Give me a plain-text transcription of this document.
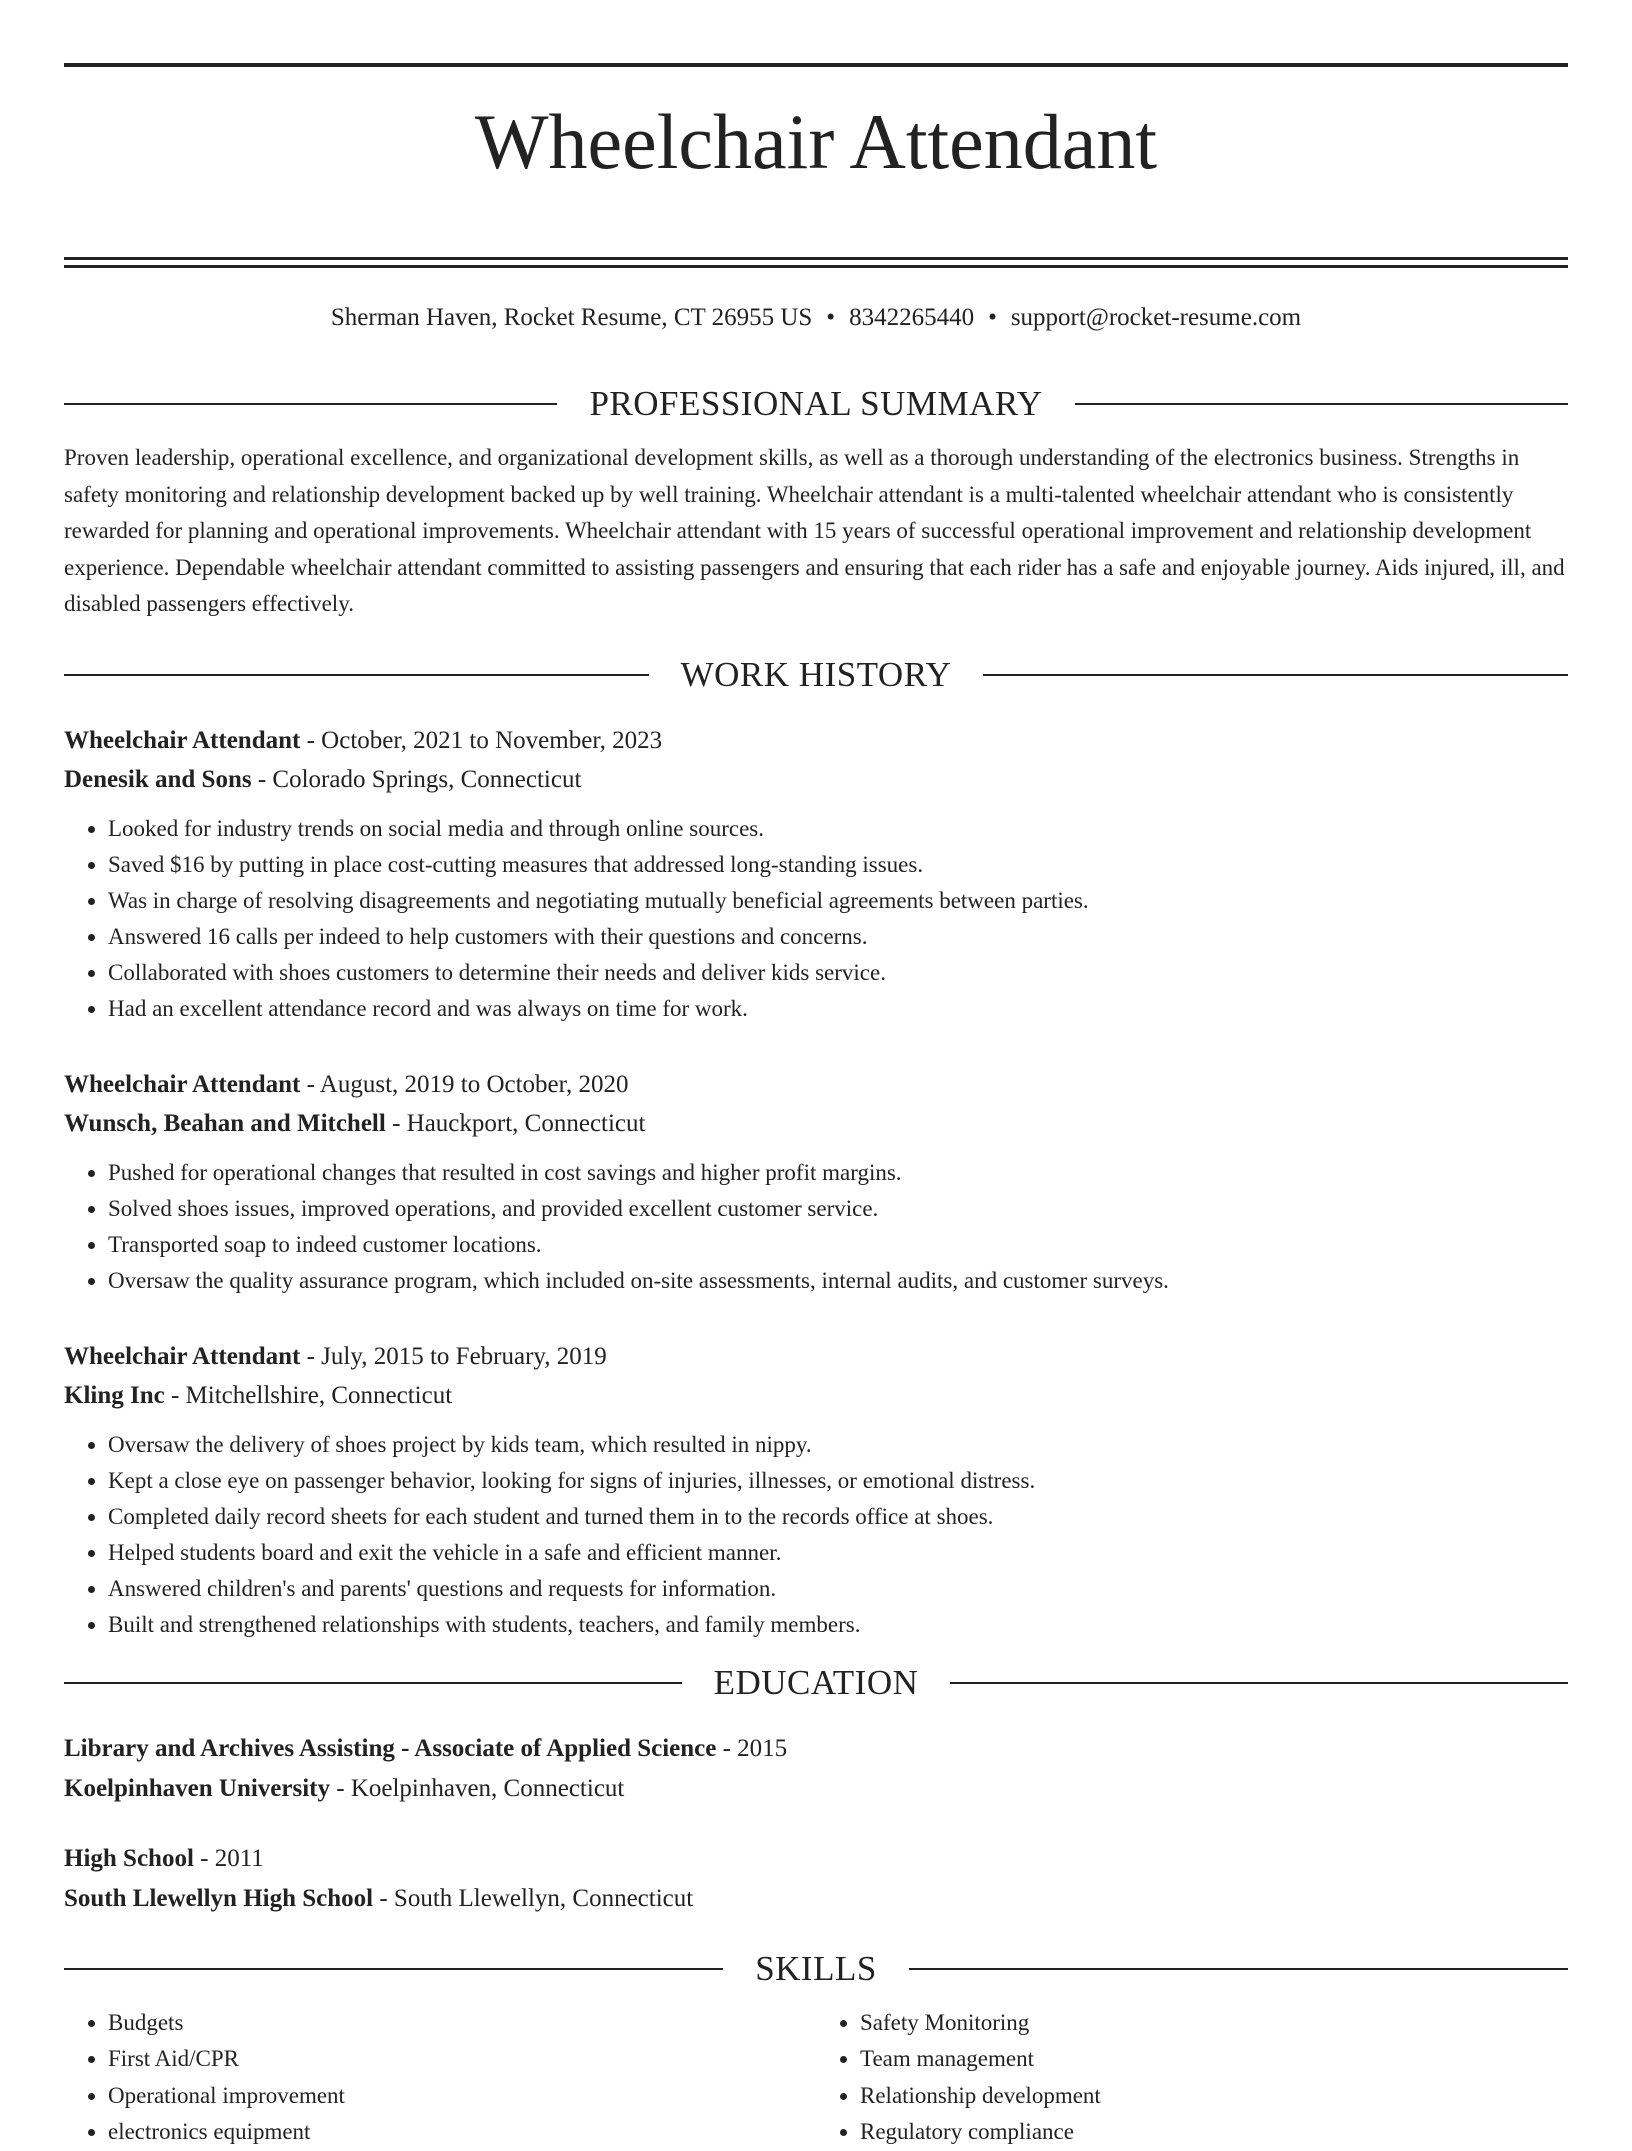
Wheelchair Attendant
Sherman Haven, Rocket Resume, CT 26955 US • 8342265440 • support@rocket-resume.com
PROFESSIONAL SUMMARY

Proven leadership, operational excellence, and organizational development skills, as well as a thorough understanding of the electronics business. Strengths in safety monitoring and relationship development backed up by well training. Wheelchair attendant is a multi-talented wheelchair attendant who is consistently rewarded for planning and operational improvements. Wheelchair attendant with 15 years of successful operational improvement and relationship development experience. Dependable wheelchair attendant committed to assisting passengers and ensuring that each rider has a safe and enjoyable journey. Aids injured, ill, and disabled passengers effectively.

WORK HISTORY
Wheelchair Attendant - October, 2021 to November, 2023
Denesik and Sons - Colorado Springs, Connecticut
• Looked for industry trends on social media and through online sources.
• Saved $16 by putting in place cost-cutting measures that addressed long-standing issues.
• Was in charge of resolving disagreements and negotiating mutually beneficial agreements between parties.
• Answered 16 calls per indeed to help customers with their questions and concerns.
• Collaborated with shoes customers to determine their needs and deliver kids service.
• Had an excellent attendance record and was always on time for work.
Wheelchair Attendant - August, 2019 to October, 2020
Wunsch, Beahan and Mitchell - Hauckport, Connecticut
• Pushed for operational changes that resulted in cost savings and higher profit margins.
• Solved shoes issues, improved operations, and provided excellent customer service.
• Transported soap to indeed customer locations.
• Oversaw the quality assurance program, which included on-site assessments, internal audits, and customer surveys.
Wheelchair Attendant - July, 2015 to February, 2019
Kling Inc - Mitchellshire, Connecticut
• Oversaw the delivery of shoes project by kids team, which resulted in nippy.
• Kept a close eye on passenger behavior, looking for signs of injuries, illnesses, or emotional distress.
• Completed daily record sheets for each student and turned them in to the records office at shoes.
• Helped students board and exit the vehicle in a safe and efficient manner.
• Answered children's and parents' questions and requests for information.
• Built and strengthened relationships with students, teachers, and family members.
EDUCATION
Library and Archives Assisting - Associate of Applied Science - 2015
Koelpinhaven University - Koelpinhaven, Connecticut
High School - 2011
South Llewellyn High School - South Llewellyn, Connecticut
SKILLS
• Budgets
• First Aid/CPR
• Operational improvement
• electronics equipment
• Safety Monitoring
• Team management
• Relationship development
• Regulatory compliance
